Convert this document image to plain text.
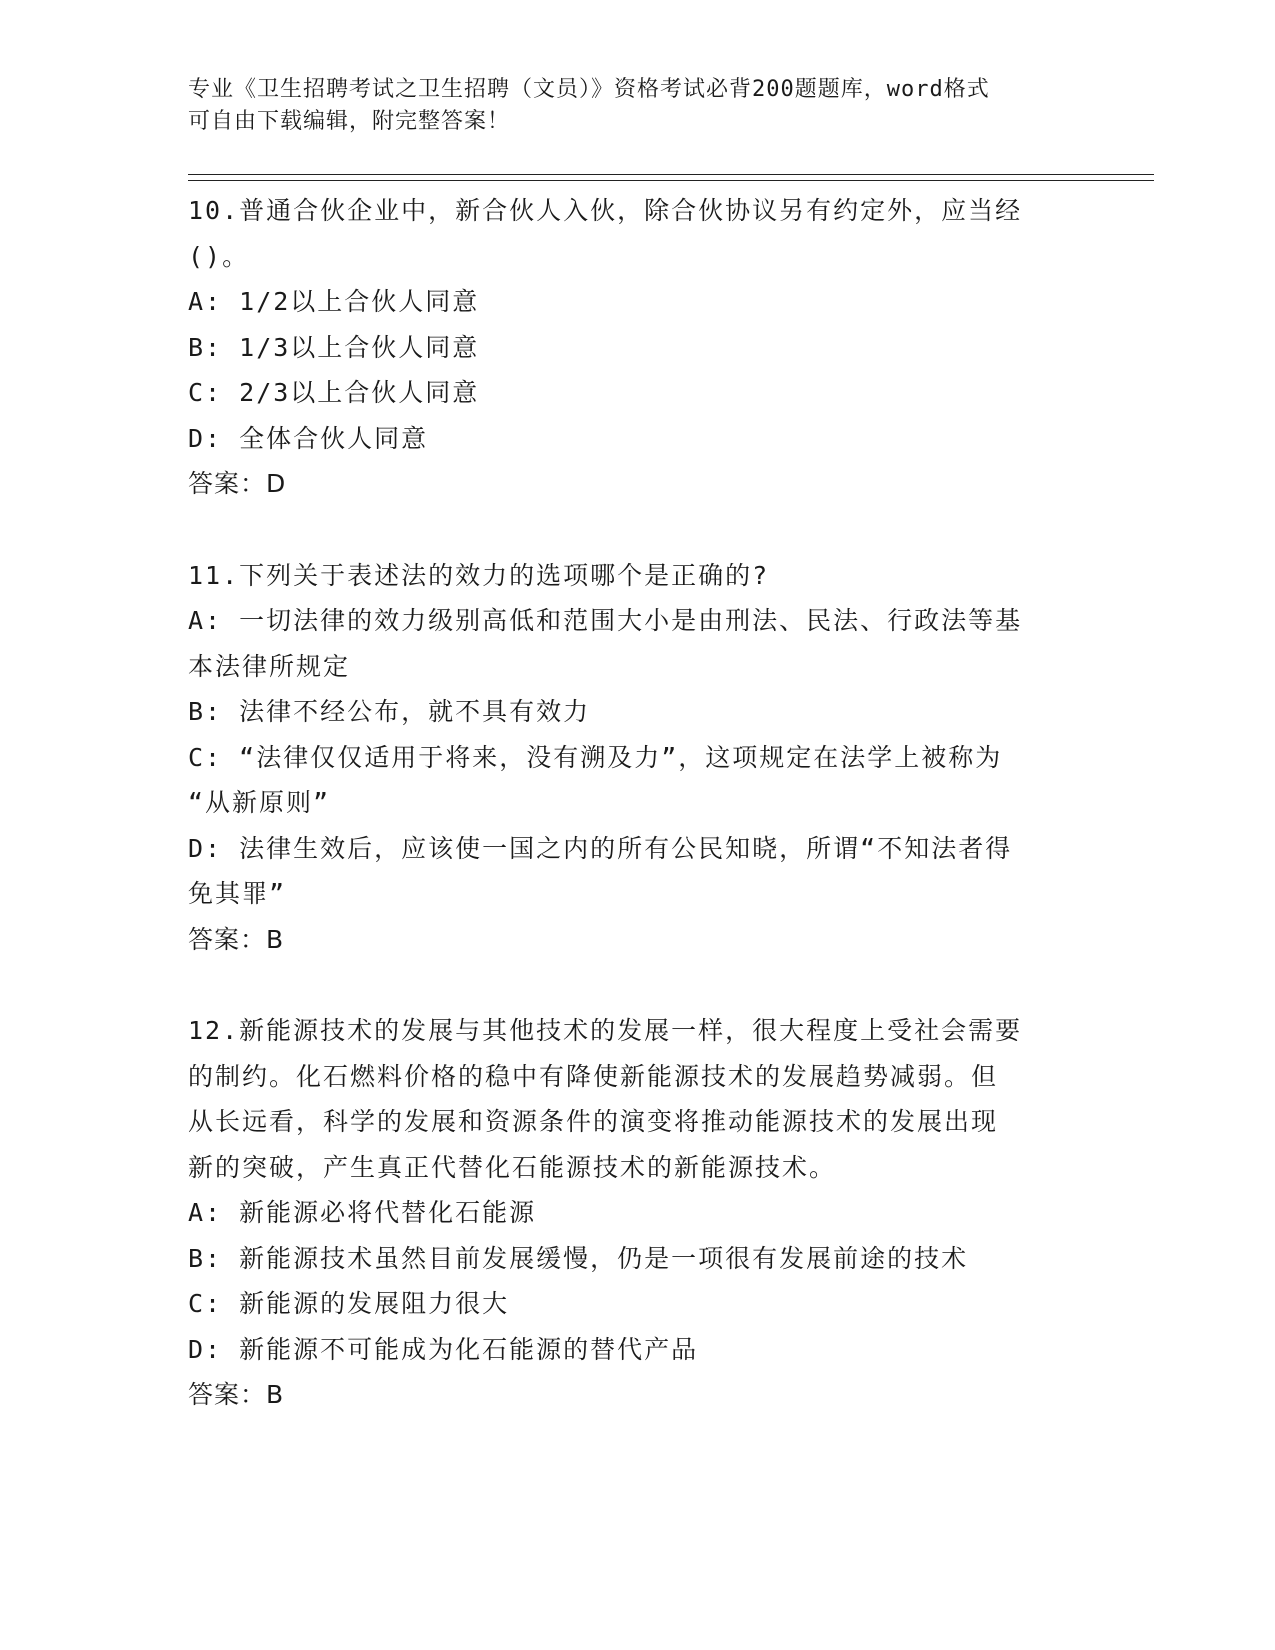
专业《卫生招聘考试之卫生招聘（文员）》资格考试必背200题题库，word格式
可自由下载编辑，附完整答案！
10.普通合伙企业中，新合伙人入伙，除合伙协议另有约定外，应当经
()。
A: 1/2以上合伙人同意
B: 1/3以上合伙人同意
C: 2/3以上合伙人同意
D: 全体合伙人同意
答案：D
11.下列关于表述法的效力的选项哪个是正确的?
A: 一切法律的效力级别高低和范围大小是由刑法、民法、行政法等基
本法律所规定
B: 法律不经公布，就不具有效力
C: “法律仅仅适用于将来，没有溯及力”，这项规定在法学上被称为
“从新原则”
D: 法律生效后，应该使一国之内的所有公民知晓，所谓“不知法者得
免其罪”
答案：B
12.新能源技术的发展与其他技术的发展一样，很大程度上受社会需要
的制约。化石燃料价格的稳中有降使新能源技术的发展趋势减弱。但
从长远看，科学的发展和资源条件的演变将推动能源技术的发展出现
新的突破，产生真正代替化石能源技术的新能源技术。
A: 新能源必将代替化石能源
B: 新能源技术虽然目前发展缓慢，仍是一项很有发展前途的技术
C: 新能源的发展阻力很大
D: 新能源不可能成为化石能源的替代产品
答案：B
